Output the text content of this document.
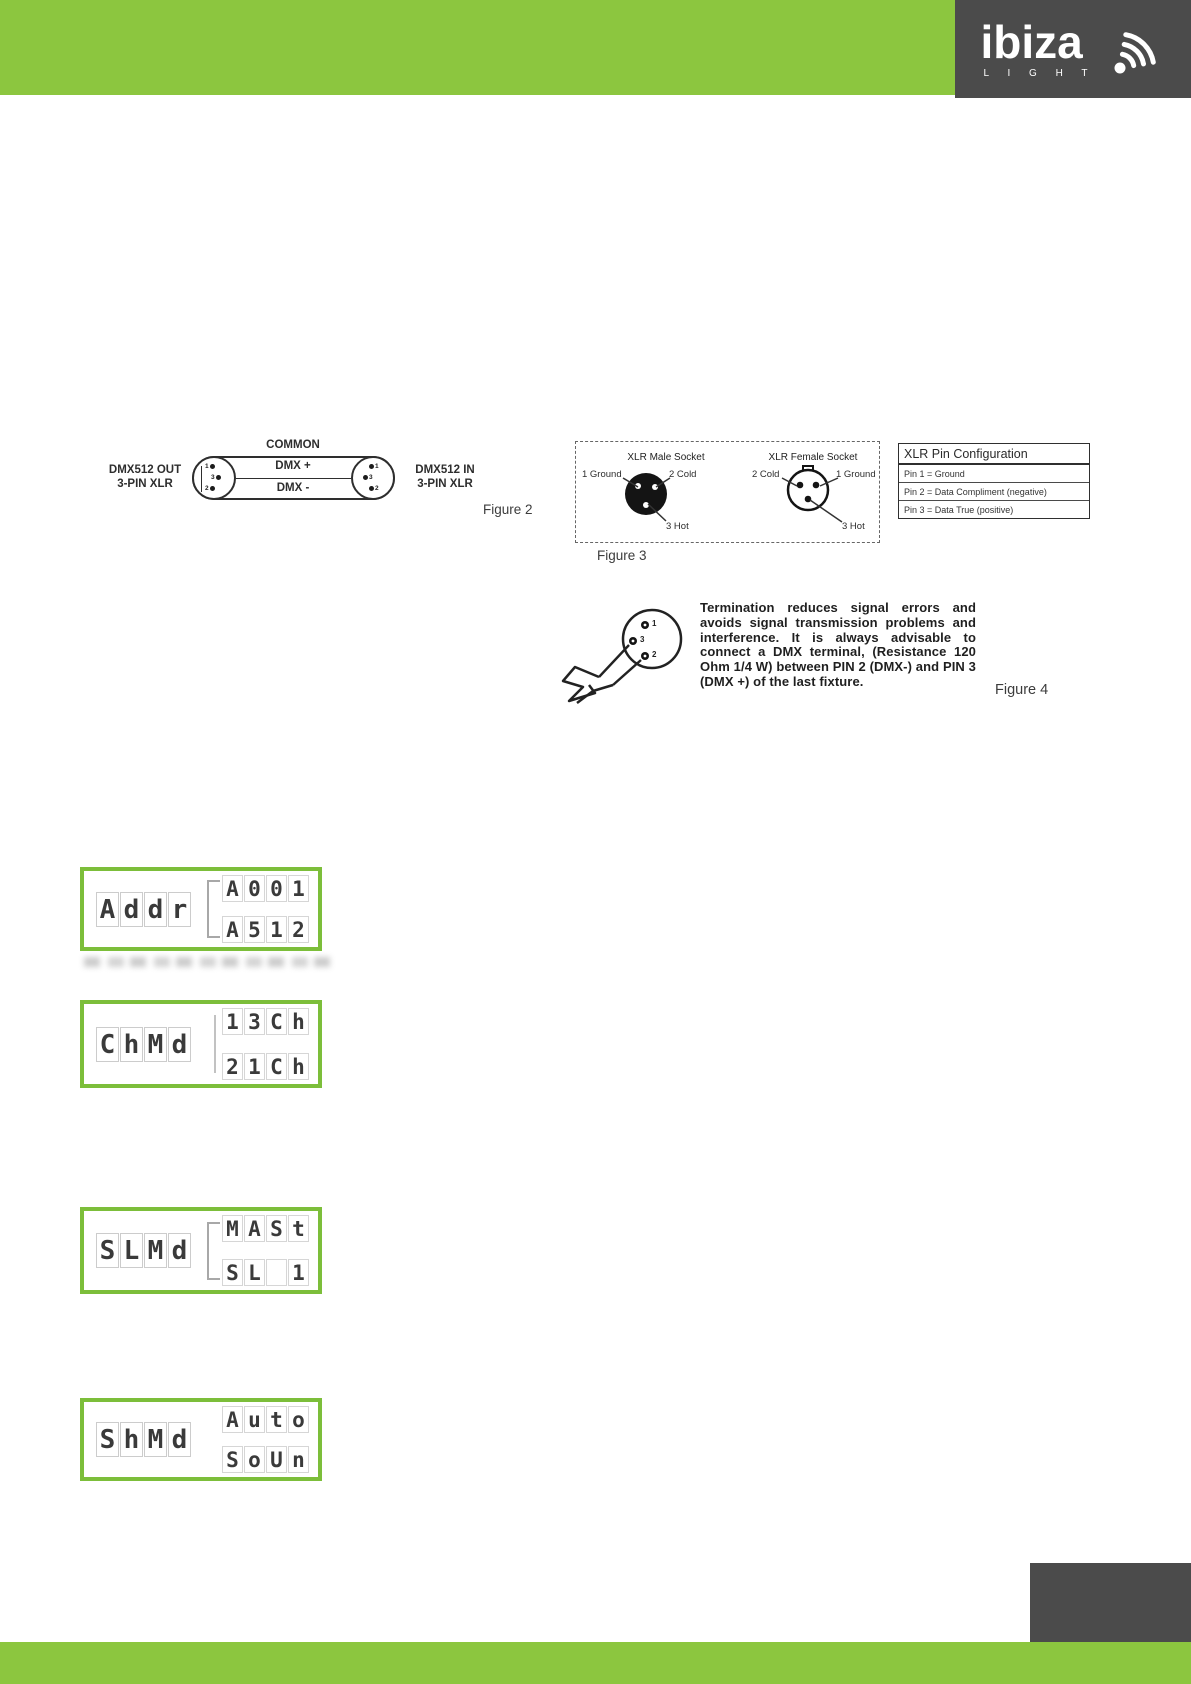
ibiza
L I G H T
COMMON
DMX +
DMX -
1
3
2
1
3
2
DMX512 OUT
3-PIN XLR
DMX512 IN
3-PIN XLR
Figure 2
XLR Male Socket	XLR Female Socket
1 Ground	2 Cold
3 Hot
2 Cold	1 Ground
3 Hot
Figure 3
XLR Pin Configuration
Pin 1 = Ground
Pin 2 = Data Compliment (negative)
Pin 3 = Data True (positive)
1
3
2
Termination reduces signal errors and avoids signal transmission problems and interference. It is always advisable to connect a DMX terminal, (Resistance 120 Ohm 1/4 W) between PIN 2 (DMX-) and PIN 3 (DMX +) of the last fixture.
Figure 4
A d d r
A 0 0 1
A 5 1 2
C h M d
1 3 C h
2 1 C h
S L M d
M A S t
S L 1
S h M d
A u t o
S o U n
